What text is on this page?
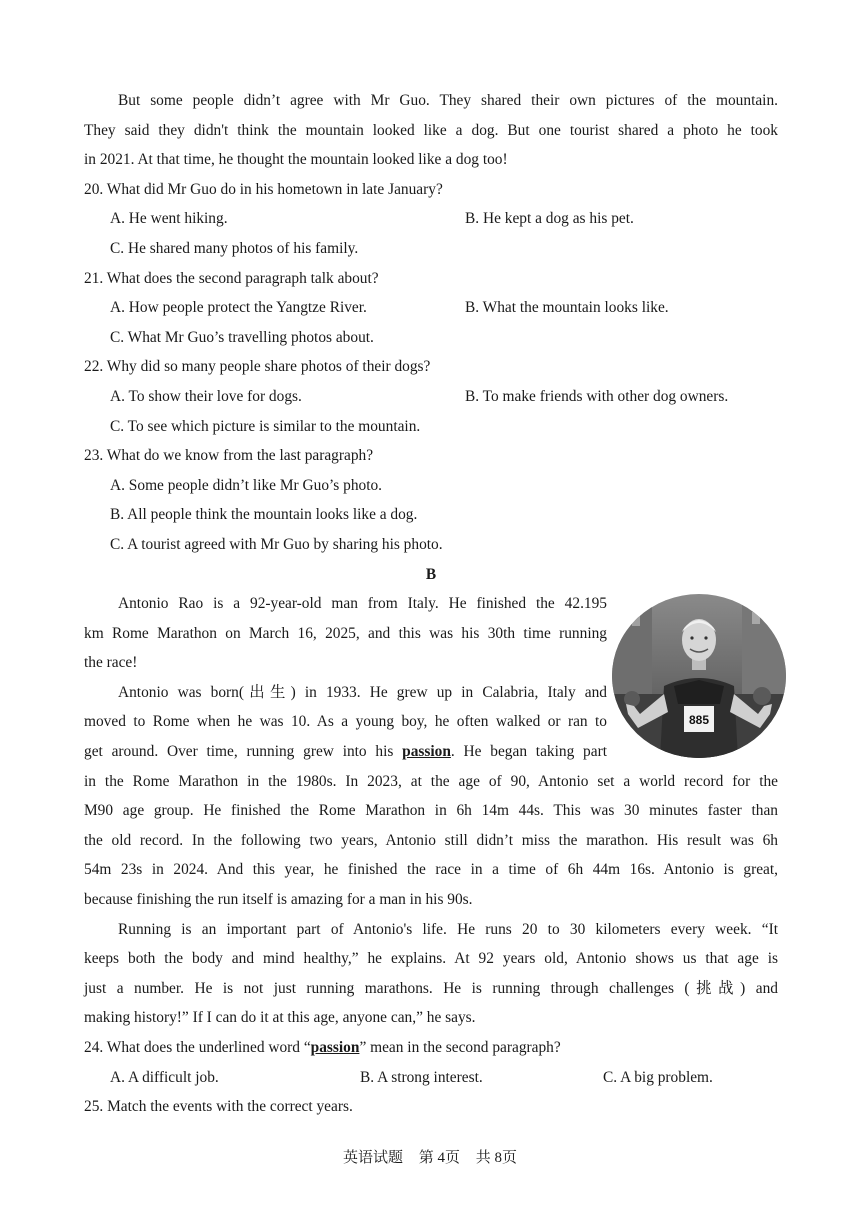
But some people didn’t agree with Mr Guo. They shared their own pictures of the mountain.
They said they didn't think the mountain looked like a dog. But one tourist shared a photo he took
in 2021. At that time, he thought the mountain looked like a dog too!
20. What did Mr Guo do in his hometown in late January?
A. He went hiking.	B. He kept a dog as his pet.
C. He shared many photos of his family.
21. What does the second paragraph talk about?
A. How people protect the Yangtze River.	B. What the mountain looks like.
C. What Mr Guo’s travelling photos about.
22. Why did so many people share photos of their dogs?
A. To show their love for dogs.	B. To make friends with other dog owners.
C. To see which picture is similar to the mountain.
23. What do we know from the last paragraph?
A. Some people didn’t like Mr Guo’s photo.
B. All people think the mountain looks like a dog.
C. A tourist agreed with Mr Guo by sharing his photo.
B
Antonio Rao is a 92-year-old man from Italy. He finished the 42.195
km Rome Marathon on March 16, 2025, and this was his 30th time running
the race!
Antonio was born(出生) in 1933. He grew up in Calabria, Italy and
moved to Rome when he was 10. As a young boy, he often walked or ran to
get around. Over time, running grew into his passion. He began taking part
in the Rome Marathon in the 1980s. In 2023, at the age of 90, Antonio set a world record for the
M90 age group. He finished the Rome Marathon in 6h 14m 44s. This was 30 minutes faster than
the old record. In the following two years, Antonio still didn’t miss the marathon. His result was 6h
54m 23s in 2024. And this year, he finished the race in a time of 6h 44m 16s. Antonio is great,
because finishing the run itself is amazing for a man in his 90s.
Running is an important part of Antonio's life. He runs 20 to 30 kilometers every week. “It
keeps both the body and mind healthy,” he explains. At 92 years old, Antonio shows us that age is
just a number. He is not just running marathons. He is running through challenges (挑战) and
making history!” If I can do it at this age, anyone can,” he says.
24. What does the underlined word “passion” mean in the second paragraph?
A. A difficult job.	B. A strong interest.	C. A big problem.
25. Match the events with the correct years.
885
英语试题 第 4页 共 8页
